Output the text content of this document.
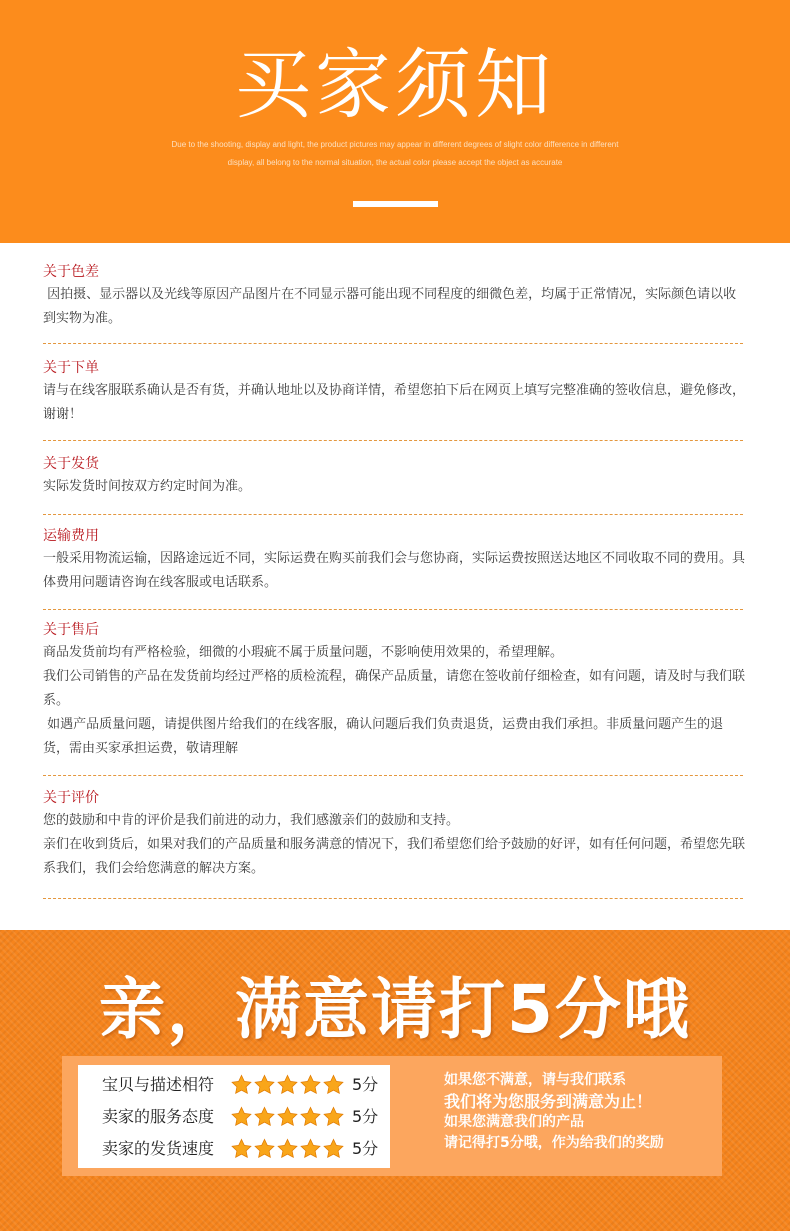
买家须知
Due to the shooting, display and light, the product pictures may appear in different degrees of slight color difference in different
display, all belong to the normal situation, the actual color please accept the object as accurate
关于色差
因拍摄、显示器以及光线等原因产品图片在不同显示器可能出现不同程度的细微色差，均属于正常情况，实际颜色请以收到实物为准。
关于下单
请与在线客服联系确认是否有货，并确认地址以及协商详情，希望您拍下后在网页上填写完整准确的签收信息，避免修改，谢谢！
关于发货
实际发货时间按双方约定时间为准。
运输费用
一般采用物流运输，因路途远近不同，实际运费在购买前我们会与您协商，实际运费按照送达地区不同收取不同的费用。具体费用问题请咨询在线客服或电话联系。
关于售后
商品发货前均有严格检验，细微的小瑕疵不属于质量问题，不影响使用效果的，希望理解。
我们公司销售的产品在发货前均经过严格的质检流程，确保产品质量，请您在签收前仔细检查，如有问题，请及时与我们联系。
如遇产品质量问题，请提供图片给我们的在线客服，确认问题后我们负责退货，运费由我们承担。非质量问题产生的退货，需由买家承担运费，敬请理解
关于评价
您的鼓励和中肯的评价是我们前进的动力，我们感激亲们的鼓励和支持。
亲们在收到货后，如果对我们的产品质量和服务满意的情况下，我们希望您们给予鼓励的好评，如有任何问题，希望您先联系我们，我们会给您满意的解决方案。
亲，满意请打5分哦
宝贝与描述相符	5分
卖家的服务态度	5分
卖家的发货速度	5分
如果您不满意，请与我们联系
我们将为您服务到满意为止！
如果您满意我们的产品
请记得打5分哦，作为给我们的奖励
